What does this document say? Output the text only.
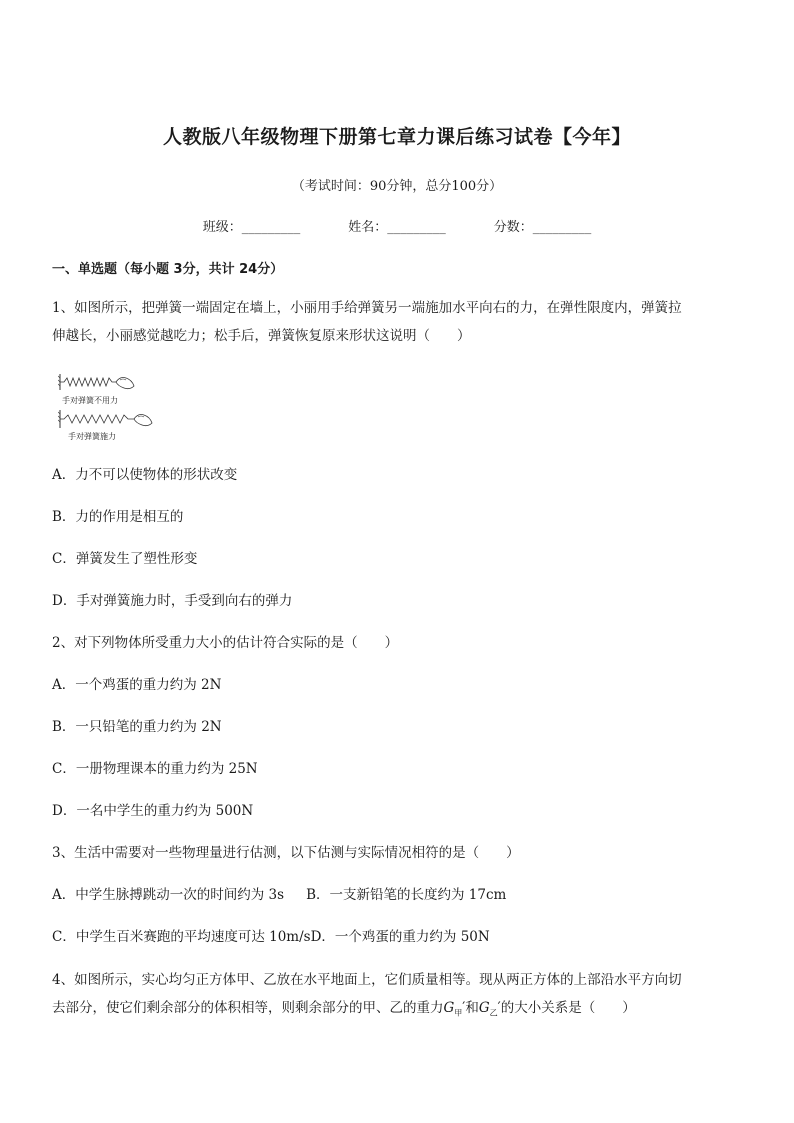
人教版八年级物理下册第七章力课后练习试卷【今年】
（考试时间：90分钟，总分100分）
班级：_________	姓名：_________	分数：_________
一、单选题（每小题 3分，共计 24分）
1、如图所示，把弹簧一端固定在墙上，小丽用手给弹簧另一端施加水平向右的力，在弹性限度内，弹簧拉
伸越长，小丽感觉越吃力；松手后，弹簧恢复原来形状这说明（　　）
手对弹簧不用力
手对弹簧施力
A．力不可以使物体的形状改变
B．力的作用是相互的
C．弹簧发生了塑性形变
D．手对弹簧施力时，手受到向右的弹力
2、对下列物体所受重力大小的估计符合实际的是（　　）
A．一个鸡蛋的重力约为 2N
B．一只铅笔的重力约为 2N
C．一册物理课本的重力约为 25N
D．一名中学生的重力约为 500N
3、生活中需要对一些物理量进行估测，以下估测与实际情况相符的是（　　）
A．中学生脉搏跳动一次的时间约为 3s B．一支新铅笔的长度约为 17cm
C．中学生百米赛跑的平均速度可达 10m/sD．一个鸡蛋的重力约为 50N
4、如图所示，实心均匀正方体甲、乙放在水平地面上，它们质量相等。现从两正方体的上部沿水平方向切
去部分，使它们剩余部分的体积相等，则剩余部分的甲、乙的重力$G_甲'$和$G_乙'$的大小关系是（　　）
